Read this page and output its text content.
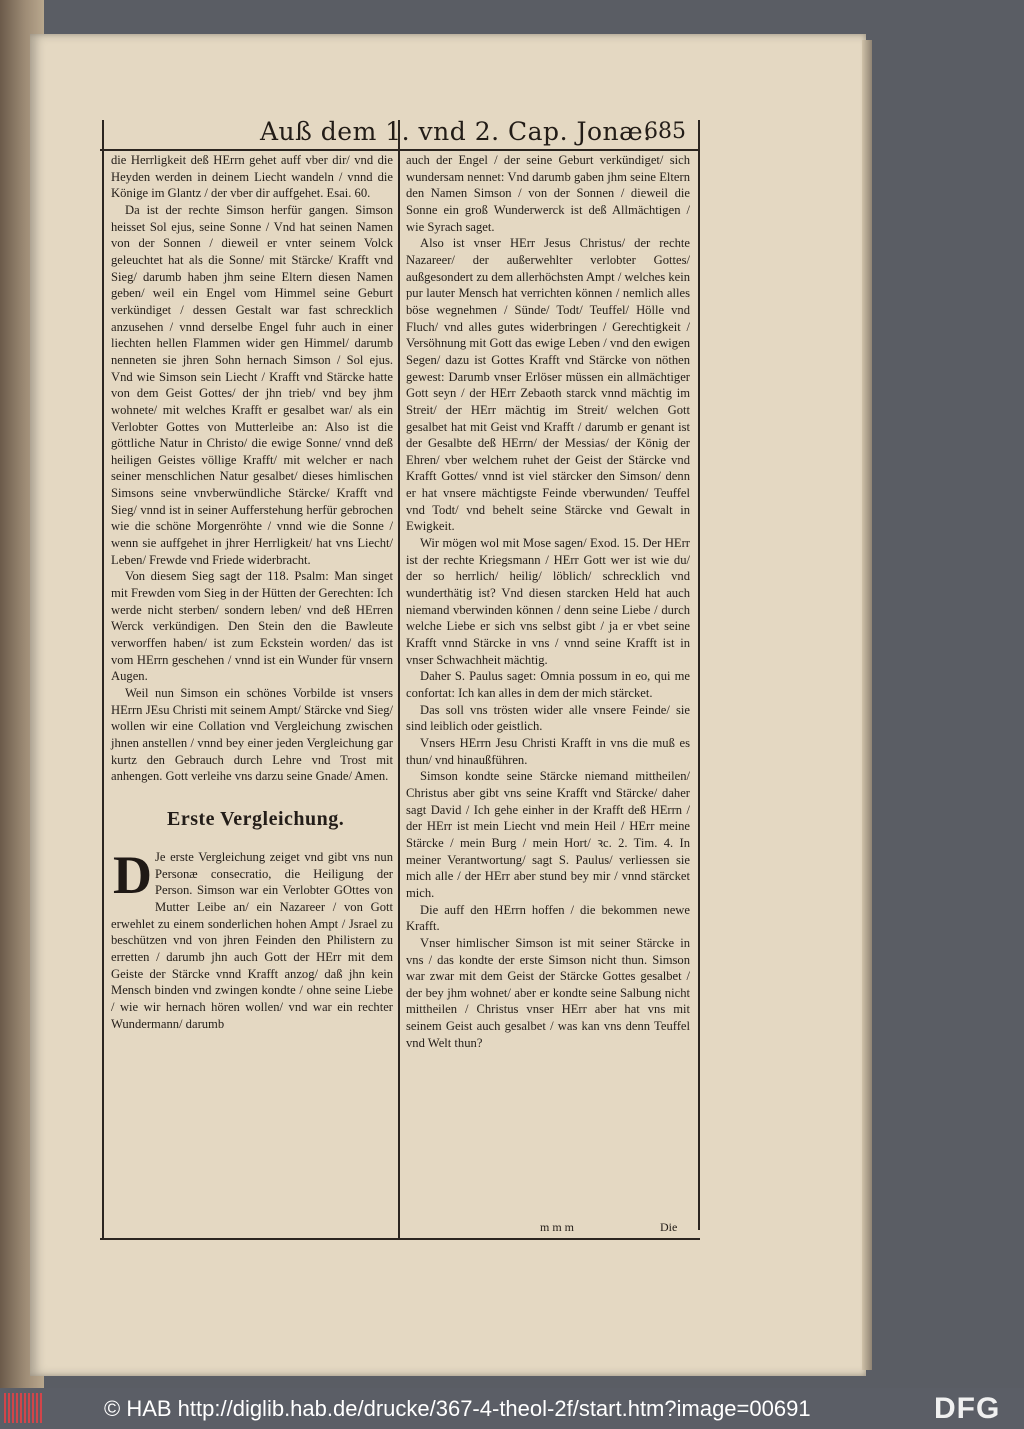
Auß dem 1. vnd 2. Cap. Jonæ.
685

die Herrligkeit deß HErrn gehet auff vber dir/ vnd die Heyden werden in deinem Liecht wandeln / vnnd die Könige im Glantz / der vber dir auffgehet. Esai. 60.

Da ist der rechte Simson herfür gangen. Simson heisset Sol ejus, seine Sonne / Vnd hat seinen Namen von der Sonnen / dieweil er vnter seinem Volck geleuchtet hat als die Sonne/ mit Stärcke/ Krafft vnd Sieg/ darumb haben jhm seine Eltern diesen Namen geben/ weil ein Engel vom Himmel seine Geburt verkündiget / dessen Gestalt war fast schrecklich anzusehen / vnnd derselbe Engel fuhr auch in einer liechten hellen Flammen wider gen Himmel/ darumb nenneten sie jhren Sohn hernach Simson / Sol ejus. Vnd wie Simson sein Liecht / Krafft vnd Stärcke hatte von dem Geist Gottes/ der jhn trieb/ vnd bey jhm wohnete/ mit welches Krafft er gesalbet war/ als ein Verlobter Gottes von Mutterleibe an: Also ist die göttliche Natur in Christo/ die ewige Sonne/ vnnd deß heiligen Geistes völlige Krafft/ mit welcher er nach seiner menschlichen Natur gesalbet/ dieses himlischen Simsons seine vnvberwündliche Stärcke/ Krafft vnd Sieg/ vnnd ist in seiner Aufferstehung herfür gebrochen wie die schöne Morgenröhte / vnnd wie die Sonne / wenn sie auffgehet in jhrer Herrligkeit/ hat vns Liecht/ Leben/ Frewde vnd Friede widerbracht.

Von diesem Sieg sagt der 118. Psalm: Man singet mit Frewden vom Sieg in der Hütten der Gerechten: Ich werde nicht sterben/ sondern leben/ vnd deß HErren Werck verkündigen. Den Stein den die Bawleute verworffen haben/ ist zum Eckstein worden/ das ist vom HErrn geschehen / vnnd ist ein Wunder für vnsern Augen.

Weil nun Simson ein schönes Vorbilde ist vnsers HErrn JEsu Christi mit seinem Ampt/ Stärcke vnd Sieg/ wollen wir eine Collation vnd Vergleichung zwischen jhnen anstellen / vnnd bey einer jeden Vergleichung gar kurtz den Gebrauch durch Lehre vnd Trost mit anhengen. Gott verleihe vns darzu seine Gnade/ Amen.

Erste Vergleichung.

D Je erste Vergleichung zeiget vnd gibt vns nun Personæ consecratio, die Heiligung der Person. Simson war ein Verlobter GOttes von Mutter Leibe an/ ein Nazareer / von Gott erwehlet zu einem sonderlichen hohen Ampt / Jsrael zu beschützen vnd von jhren Feinden den Philistern zu erretten / darumb jhn auch Gott der HErr mit dem Geiste der Stärcke vnnd Krafft anzog/ daß jhn kein Mensch binden vnd zwingen kondte / ohne seine Liebe / wie wir hernach hören wollen/ vnd war ein rechter Wundermann/ darumb

auch der Engel / der seine Geburt verkündiget/ sich wundersam nennet: Vnd darumb gaben jhm seine Eltern den Namen Simson / von der Sonnen / dieweil die Sonne ein groß Wunderwerck ist deß Allmächtigen / wie Syrach saget.

Also ist vnser HErr Jesus Christus/ der rechte Nazareer/ der außerwehlter verlobter Gottes/ außgesondert zu dem allerhöchsten Ampt / welches kein pur lauter Mensch hat verrichten können / nemlich alles böse wegnehmen / Sünde/ Todt/ Teuffel/ Hölle vnd Fluch/ vnd alles gutes widerbringen / Gerechtigkeit / Versöhnung mit Gott das ewige Leben / vnd den ewigen Segen/ dazu ist Gottes Krafft vnd Stärcke von nöthen gewest: Darumb vnser Erlöser müssen ein allmächtiger Gott seyn / der HErr Zebaoth starck vnnd mächtig im Streit/ der HErr mächtig im Streit/ welchen Gott gesalbet hat mit Geist vnd Krafft / darumb er genant ist der Gesalbte deß HErrn/ der Messias/ der König der Ehren/ vber welchem ruhet der Geist der Stärcke vnd Krafft Gottes/ vnnd ist viel stärcker den Simson/ denn er hat vnsere mächtigste Feinde vberwunden/ Teuffel vnd Todt/ vnd behelt seine Stärcke vnd Gewalt in Ewigkeit.

Wir mögen wol mit Mose sagen/ Exod. 15. Der HErr ist der rechte Kriegsmann / HErr Gott wer ist wie du/ der so herrlich/ heilig/ löblich/ schrecklich vnd wunderthätig ist? Vnd diesen starcken Held hat auch niemand vberwinden können / denn seine Liebe / durch welche Liebe er sich vns selbst gibt / ja er vbet seine Krafft vnnd Stärcke in vns / vnnd seine Krafft ist in vnser Schwachheit mächtig.

Daher S. Paulus saget: Omnia possum in eo, qui me confortat: Ich kan alles in dem der mich stärcket.

Das soll vns trösten wider alle vnsere Feinde/ sie sind leiblich oder geistlich.

Vnsers HErrn Jesu Christi Krafft in vns die muß es thun/ vnd hinaußführen.

Simson kondte seine Stärcke niemand mittheilen/ Christus aber gibt vns seine Krafft vnd Stärcke/ daher sagt David / Ich gehe einher in der Krafft deß HErrn / der HErr ist mein Liecht vnd mein Heil / HErr meine Stärcke / mein Burg / mein Hort/ ꝛc. 2. Tim. 4. In meiner Verantwortung/ sagt S. Paulus/ verliessen sie mich alle / der HErr aber stund bey mir / vnnd stärcket mich.

Die auff den HErrn hoffen / die bekommen newe Krafft.

Vnser himlischer Simson ist mit seiner Stärcke in vns / das kondte der erste Simson nicht thun. Simson war zwar mit dem Geist der Stärcke Gottes gesalbet / der bey jhm wohnet/ aber er kondte seine Salbung nicht mittheilen / Christus vnser HErr aber hat vns mit seinem Geist auch gesalbet / was kan vns denn Teuffel vnd Welt thun?

m m m	Die
© HAB http://diglib.hab.de/drucke/367-4-theol-2f/start.htm?image=00691	DFG
